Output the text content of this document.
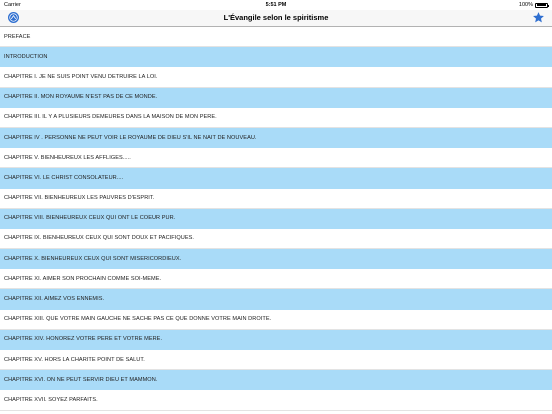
Carrier	5:51 PM	100%
L'Évangile selon le spiritisme
PREFACE
INTRODUCTION
CHAPITRE I. JE NE SUIS POINT VENU DETRUIRE LA LOI.
CHAPITRE II. MON ROYAUME N'EST PAS DE CE MONDE.
CHAPITRE III. IL Y A PLUSIEURS DEMEURES DANS LA MAISON DE MON PERE.
CHAPITRE IV . PERSONNE NE PEUT VOIR LE ROYAUME DE DIEU S'IL NE NAIT DE NOUVEAU.
CHAPITRE V. BIENHEUREUX LES AFFLIGES.....
CHAPITRE VI. LE CHRIST CONSOLATEUR....
CHAPITRE VII. BIENHEUREUX LES PAUVRES D'ESPRIT.
CHAPITRE VIII. BIENHEUREUX CEUX QUI ONT LE COEUR PUR.
CHAPITRE IX. BIENHEUREUX CEUX QUI SONT DOUX ET PACIFIQUES.
CHAPITRE X. BIENHEUREUX CEUX QUI SONT MISERICORDIEUX.
CHAPITRE XI. AIMER SON PROCHAIN COMME SOI-MEME.
CHAPITRE XII. AIMEZ VOS ENNEMIS.
CHAPITRE XIII. QUE VOTRE MAIN GAUCHE NE SACHE PAS CE QUE DONNE VOTRE MAIN DROITE.
CHAPITRE XIV. HONOREZ VOTRE PERE ET VOTRE MERE.
CHAPITRE XV. HORS LA CHARITE POINT DE SALUT.
CHAPITRE XVI. ON NE PEUT SERVIR DIEU ET MAMMON.
CHAPITRE XVII. SOYEZ PARFAITS.
